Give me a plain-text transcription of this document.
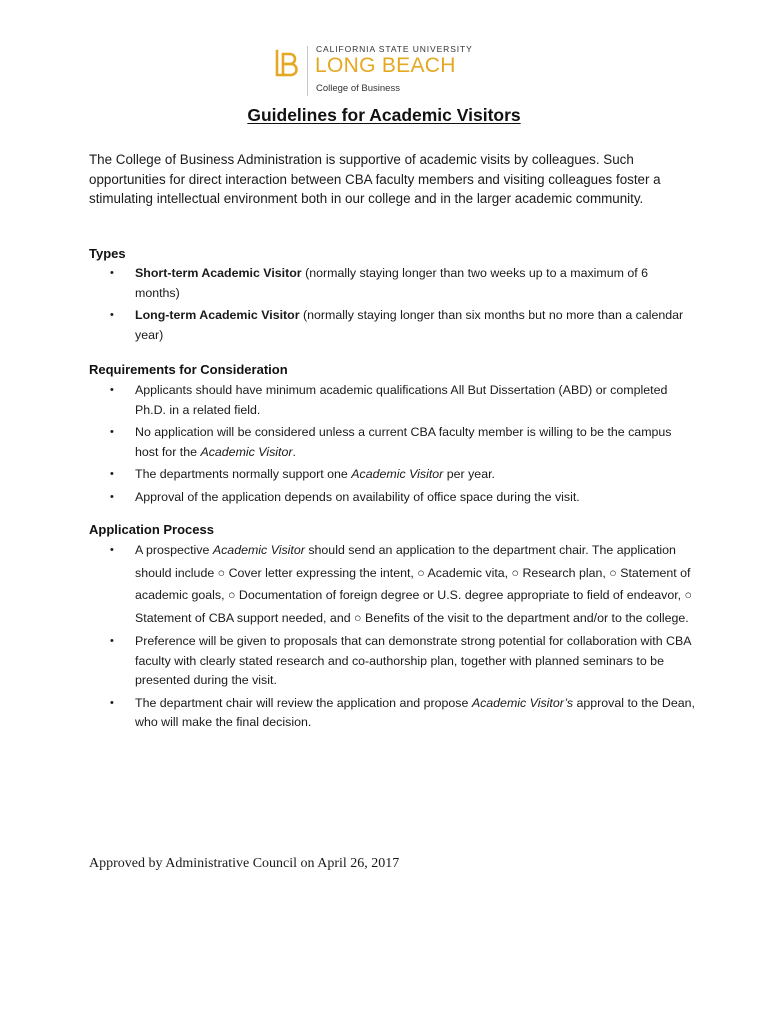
CALIFORNIA STATE UNIVERSITY
LONG BEACH
College of Business
Guidelines for Academic Visitors
The College of Business Administration is supportive of academic visits by colleagues. Such opportunities for direct interaction between CBA faculty members and visiting colleagues foster a stimulating intellectual environment both in our college and in the larger academic community.
Types
• Short-term Academic Visitor (normally staying longer than two weeks up to a maximum of 6 months)
• Long-term Academic Visitor (normally staying longer than six months but no more than a calendar year)
Requirements for Consideration
• Applicants should have minimum academic qualifications All But Dissertation (ABD) or completed Ph.D. in a related field.
• No application will be considered unless a current CBA faculty member is willing to be the campus host for the Academic Visitor.
• The departments normally support one Academic Visitor per year.
• Approval of the application depends on availability of office space during the visit.
Application Process
• A prospective Academic Visitor should send an application to the department chair. The application should include ○ Cover letter expressing the intent, ○ Academic vita, ○ Research plan, ○ Statement of academic goals, ○ Documentation of foreign degree or U.S. degree appropriate to field of endeavor, ○ Statement of CBA support needed, and ○ Benefits of the visit to the department and/or to the college.
• Preference will be given to proposals that can demonstrate strong potential for collaboration with CBA faculty with clearly stated research and co-authorship plan, together with planned seminars to be presented during the visit.
• The department chair will review the application and propose Academic Visitor’s approval to the Dean, who will make the final decision.
Approved by Administrative Council on April 26, 2017
